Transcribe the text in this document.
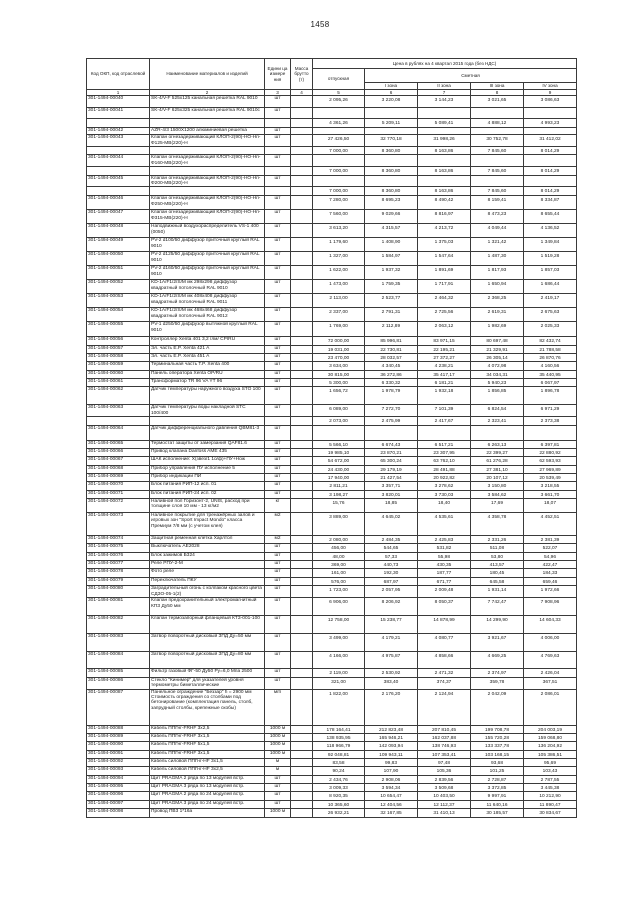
1458
Код ОКП, код отраслевой	Наименование материалов и изделий	Едини ца измере ния	Масса брутто (т)	Цена в рублях на 4 квартал 2015 года (без НДС)				
				отпускная	Сметная			
					I зона	II зона	III зона	IV зона
1	2	3	4	5	6	7	8	9
301-1494-00040	SK-4/V-F 525х125 канальная решетка RAL 9010	шт		2 095,26	3 220,08	3 144,23	3 021,65	3 086,63
301-1494-00041	SK-4/V-F 625х325 канальная решетка RAL 9010с	шт						
				4 361,26	5 209,11	5 089,41	4 888,12	4 993,23
301-1494-00042	AZR-4/3 1500Х1200 алюминиевая решетка	шт						
301-1494-00043	Клапан огнезадерживающий КЛОП-2(90)-НО-Нп-Ф125-МВ(220)-Н	шт		27 426,50	32 770,18	31 998,26	30 752,78	31 412,02
				7 000,00	8 360,80	8 163,86	7 845,60	8 014,29
301-1494-00044	Клапан огнезадерживающий КЛОП-2(90)-НО-Нп-Ф160-МВ(220)-Н	шт						
				7 000,00	8 360,80	8 163,86	7 845,60	8 014,29
301-1494-00045	Клапан огнезадерживающий КЛОП-2(90)-НО-Нп-Ф200-МВ(220)-Н	шт						
				7 000,00	8 360,80	8 163,86	7 845,60	8 014,29
301-1494-00046	Клапан огнезадерживающий КЛОП-2(90)-НО-Нп-Ф250-МВ(220)-Н	шт		7 280,00	8 695,23	8 490,42	8 159,41	8 334,87
301-1494-00047	Клапан огнезадерживающий КЛОП-2(90)-НО-Нп-Ф315-МВ(220)-Н	шт		7 560,00	9 029,66	8 816,97	8 473,23	8 655,44
301-1494-00048	Наподвижный воздухораспределитель VS-1 400 (0050)	шт		3 613,20	4 315,57	4 213,72	4 049,44	4 136,52
301-1494-00049	PV-2 d100/50 диффузор приточный круглый RAL 9010	шт		1 179,60	1 408,90	1 375,03	1 321,42	1 349,84
301-1494-00050	PV-2 d125/50 диффузор приточный круглый RAL 9010	шт		1 327,00	1 584,97	1 547,64	1 487,30	1 519,28
301-1494-00051	PV-2 d160/50 диффузор приточный круглый RAL 9010	шт		1 622,00	1 937,32	1 891,69	1 817,93	1 857,03
301-1494-00052	KD-1A/F1/2/S/M мк 298х298 диффузор квадратный потолочный RAL 9010	шт		1 473,00	1 759,35	1 717,91	1 650,94	1 686,44
301-1494-00053	KD-1A/F1/2/S/M мк 408х408 диффузор квадратный потолочный RAL 9011	шт		2 113,00	2 523,77	2 464,32	2 368,25	2 419,17
301-1494-00054	KD-1A/F1/2/S/M мк 468х468 диффузор квадратный потолочный RAL 9012	шт		2 337,00	2 791,31	2 725,56	2 619,31	2 675,63
301-1494-00055	PV-1 d250/50 диффузор вытяжной круглый RAL 9010	шт		1 769,00	2 112,89	2 063,12	1 982,69	2 025,33
301-1494-00056	Контроллер Xenta 401 3,2 /лм/ CPIRU	шт		72 000,00	85 996,81	83 971,15	80 697,48	82 432,74
301-1494-00057	Эл. часть E.P. Xenta 421 A	шт		19 031,00	22 730,81	22 195,21	21 329,91	21 788,58
301-1494-00058	Эл. часть E.P. Xenta 451 A	шт		23 470,00	28 032,57	27 372,27	26 305,14	26 870,76
301-1494-00059	Терминальная часть T.P. Xenta 400	шт		3 634,00	4 340,45	4 238,21	4 072,98	4 160,56
301-1494-00060	Панель оператора Xenta OP/RU	шт		30 815,00	36 272,86	35 417,17	34 034,31	35 440,95
301-1494-00061	Трансформатор TR 96 VA YT 96	шт		5 300,00	6 330,32	6 181,21	5 940,23	6 067,97
301-1494-00062	Датчик температуры наружного воздуха STO 100	шт		1 656,72	1 978,79	1 932,18	1 856,85	1 896,78
301-1494-00063	Датчик температуры воды накладной STC 100/400	шт		6 089,00	7 272,70	7 101,39	6 824,54	6 971,29
				2 073,00	2 475,99	2 417,67	2 323,41	2 373,38
301-1494-00064	Датчик дифференциального давления QBM81-3	шт						
301-1494-00065	Термостат защиты от замерзания QAF81.6	шт		5 566,10	6 674,43	6 517,21	6 263,13	6 397,81
301-1494-00066	Привод клапана Danfoss AME 435	шт		19 985,10	23 870,21	23 307,95	22 399,27	22 880,92
301-1494-00067	ШАК исполнение: Х(звез/1 1о/ф)+ПУ+Нож	шт		54 672,00	65 300,24	63 762,10	61 276,28	62 593,93
301-1494-00068	Прибор управления ПУ исполнение 5	шт		24 430,00	29 179,19	28 491,88	27 381,10	27 969,89
301-1494-00069	Прибор индикации ПИ	шт		17 940,00	21 427,54	20 922,82	20 107,12	20 539,49
301-1494-00070	Блок питания РИП-12 исп. 01	шт		2 811,21	3 357,71	3 278,62	3 150,80	3 218,55
301-1494-00071	Блок питания РИП-24 исп. 02	шт		3 198,27	3 820,01	3 730,03	3 584,62	3 661,70
301-1494-00072	Наливной пол Горизонт-2, UNIS, расход при толщине слоя 10 мм - 13 кг/м2	кг		15,76	18,85	18,40	17,69	18,07
301-1494-00073	Наливное покрытие для тренажёрных залов и игровых зон "Sport Impact Mondo" класса Премиум 7/8 мм (с учетом клея)	м2		3 889,00	4 645,02	4 535,61	4 358,78	4 452,51
301-1494-00074	Защитная ременная клетка Харлтол	м2		2 080,00	2 484,35	2 425,83	2 331,26	2 381,39
301-1494-00075	Выключатель AE2028	шт		456,00	544,65	531,82	511,08	522,07
301-1494-00076	Блок зажимов Б324	шт		48,00	57,33	55,98	53,80	54,96
301-1494-00077	Реле РПУ-2-М	шт		369,00	440,73	430,35	413,57	422,47
301-1494-00078	Фото реле	шт		161,00	192,30	187,77	180,45	184,33
301-1494-00079	Переключатель ПКУ	шт		576,00	687,97	671,77	645,58	659,46
301-1494-00080	Заградительный огонь с колпаком красного цвета СДЗО-05-1(2)	шт		1 723,00	2 057,95	2 009,48	1 931,14	1 972,66
301-1494-00081	Клапан предохранительный электромагнитный КПЗ Ду50 мм	шт		6 906,00	8 206,92	8 050,37	7 742,47	7 908,96
301-1494-00082	Клапан термозапорный фланцевый КТЗ-001-100	шт		12 758,00	15 238,77	14 878,99	14 299,90	14 604,33
301-1494-00083	Затвор поворотный дисковый ЗПД Ду=50 мм	шт		3 499,00	4 179,21	4 080,77	3 921,67	4 006,00
301-1494-00084	Затвор поворотный дисковый ЗПД Ду=80 мм	шт		4 166,00	4 975,87	4 858,66	4 669,25	4 769,63
301-1494-00085	Фильтр газовый ФГ-50 Ду50 Ру=6,0 Мпа 2500	шт		2 119,00	2 530,92	2 471,32	2 374,97	2 426,04
301-1494-00086	Стекло "Кинимер" для указателей уровня термометры биметаллические	шт		321,00	383,40	374,37	359,78	367,51
301-1494-00087	Панельное ограждение "Беззар" h = 2900 мм Стоимость ограждения со столбами под бетонирование (комплектация панель, столб, запрудный столбы, крепежные скобы)	м/п		1 822,00	2 176,20	2 124,94	2 042,09	2 086,01
301-1494-00088	Кабель ППГнг-FRHF 3х2,5	1000 м		178 164,41	212 823,48	207 810,45	199 708,78	204 003,19
301-1494-00089	Кабель ППГнг-FRHF 3х1,5	1000 м		138 935,95	165 946,21	162 037,88	155 720,28	159 068,80
301-1494-00090	Кабель ППГнг-FRHF 5х1,5	1000 м		118 966,79	142 093,94	138 746,93	133 337,78	136 204,92
301-1494-00091	Кабель ППГнг-FRHF 3х1,5	1000 м		92 048,81	109 943,11	107 353,41	103 168,15	105 386,51
301-1494-00092	Кабель силовой ППГнг-HF 3х1,5	м		83,58	99,83	97,48	93,68	95,69
301-1494-00093	Кабель силовой ППГнг-HF 3х2,5	м		90,24	107,90	105,36	101,25	103,43
301-1494-00094	Щит PRAGMA 2 ряда по 13 модулей встр.	шт		2 434,76	2 908,06	2 839,56	2 728,87	2 787,55
301-1494-00095	Щит PRAGMA 3 ряда по 13 модулей встр.	шт		3 009,33	3 594,34	3 509,68	3 372,85	3 445,38
301-1494-00096	Щит PRAGMA 2 ряда по 24 модулей встр.	шт		8 920,35	10 654,47	10 403,50	9 997,91	10 212,90
301-1494-00097	Щит PRAGMA 3 ряда по 24 модулей встр.	шт		10 365,60	12 404,56	12 112,37	11 640,16	11 890,47
301-1494-00098	Провод ПВ3 1*16а	1000 м		26 932,21	32 167,85	31 410,13	30 185,57	30 834,67
